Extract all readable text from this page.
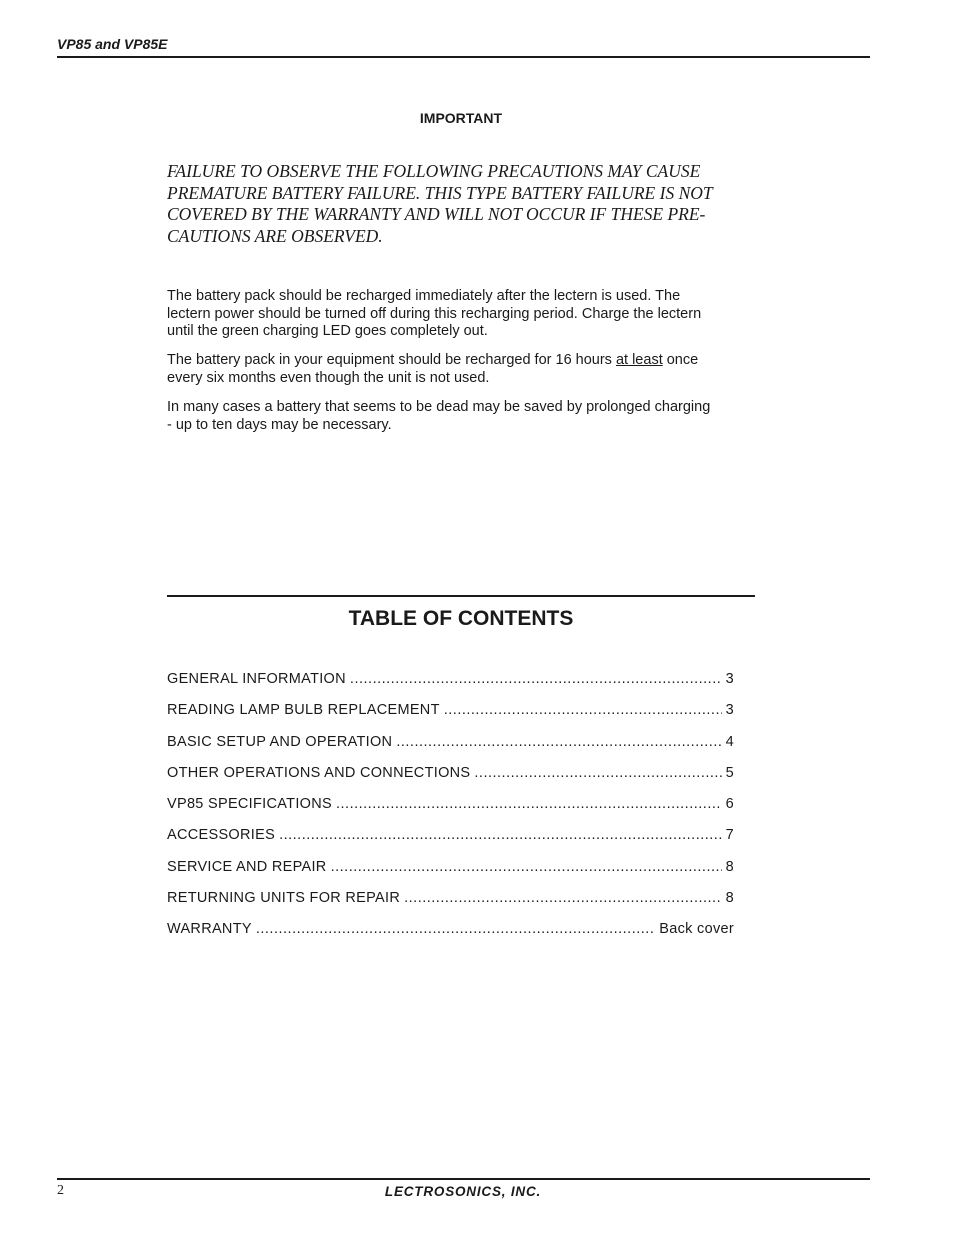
VP85 and VP85E
IMPORTANT
FAILURE TO OBSERVE THE FOLLOWING PRECAUTIONS MAY CAUSE
PREMATURE BATTERY FAILURE. THIS TYPE BATTERY FAILURE IS NOT
COVERED BY THE WARRANTY AND WILL NOT OCCUR IF THESE PRE-
CAUTIONS ARE OBSERVED.
The battery pack should be recharged immediately after the lectern is used. The
lectern power should be turned off during this recharging period. Charge the lectern
until the green charging LED goes completely out.
The battery pack in your equipment should be recharged for 16 hours at least once
every six months even though the unit is not used.
In many cases a battery that seems to be dead may be saved by prolonged charging
- up to ten days may be necessary.
TABLE OF CONTENTS
GENERAL INFORMATION .....	3
READING LAMP BULB REPLACEMENT .....	3
BASIC SETUP AND OPERATION .....	4
OTHER OPERATIONS AND CONNECTIONS .....	5
VP85 SPECIFICATIONS .....	6
ACCESSORIES .....	7
SERVICE AND REPAIR .....	8
RETURNING UNITS FOR REPAIR .....	8
WARRANTY .....	Back cover
2	LECTROSONICS, INC.
